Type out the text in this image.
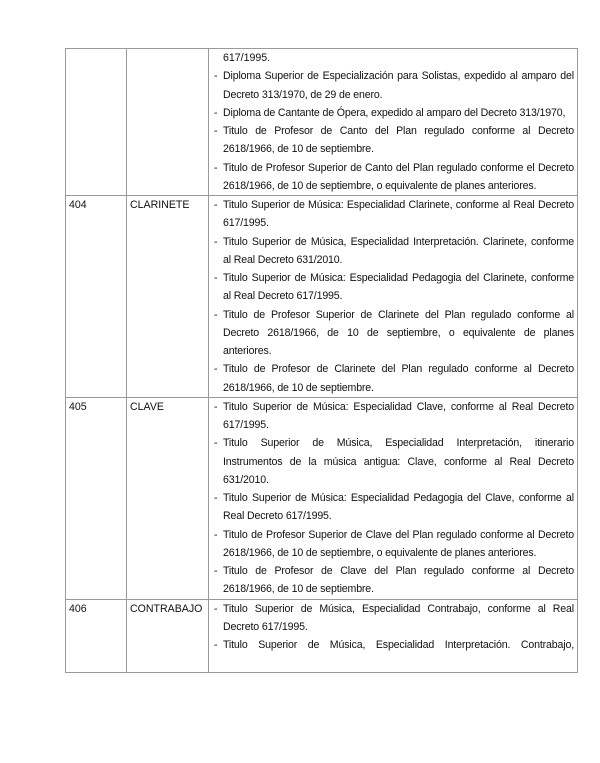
		617/1995.
- Diploma Superior de Especialización para Solistas, expedido al amparo del Decreto 313/1970, de 29 de enero.
- Diploma de Cantante de Ópera, expedido al amparo del Decreto 313/1970,
- Titulo de Profesor de Canto del Plan regulado conforme al Decreto 2618/1966, de 10 de septiembre.
- Titulo de Profesor Superior de Canto del Plan regulado conforme el Decreto 2618/1966, de 10 de septiembre, o equivalente de planes anteriores.

404	CLARINETE	- Titulo Superior de Música: Especialidad Clarinete, conforme al Real Decreto 617/1995.
- Titulo Superior de Música, Especialidad Interpretación. Clarinete, conforme al Real Decreto 631/2010.
- Titulo Superior de Música: Especialidad Pedagogia del Clarinete, conforme al Real Decreto 617/1995.
- Titulo de Profesor Superior de Clarinete del Plan regulado conforme al Decreto 2618/1966, de 10 de septiembre, o equivalente de planes anteriores.
- Titulo de Profesor de Clarinete del Plan regulado conforme al Decreto 2618/1966, de 10 de septiembre.

405	CLAVE	- Titulo Superior de Música: Especialidad Clave, conforme al Real Decreto 617/1995.
- Titulo Superior de Música, Especialidad Interpretación, itinerario Instrumentos de la música antigua: Clave, conforme al Real Decreto 631/2010.
- Titulo Superior de Música: Especialidad Pedagogia del Clave, conforme al Real Decreto 617/1995.
- Titulo de Profesor Superior de Clave del Plan regulado conforme al Decreto 2618/1966, de 10 de septiembre, o equivalente de planes anteriores.
- Titulo de Profesor de Clave del Plan regulado conforme al Decreto 2618/1966, de 10 de septiembre.

406	CONTRABAJO	- Titulo Superior de Música, Especialidad Contrabajo, conforme al Real Decreto 617/1995.
- Titulo Superior de Música, Especialidad Interpretación. Contrabajo,
